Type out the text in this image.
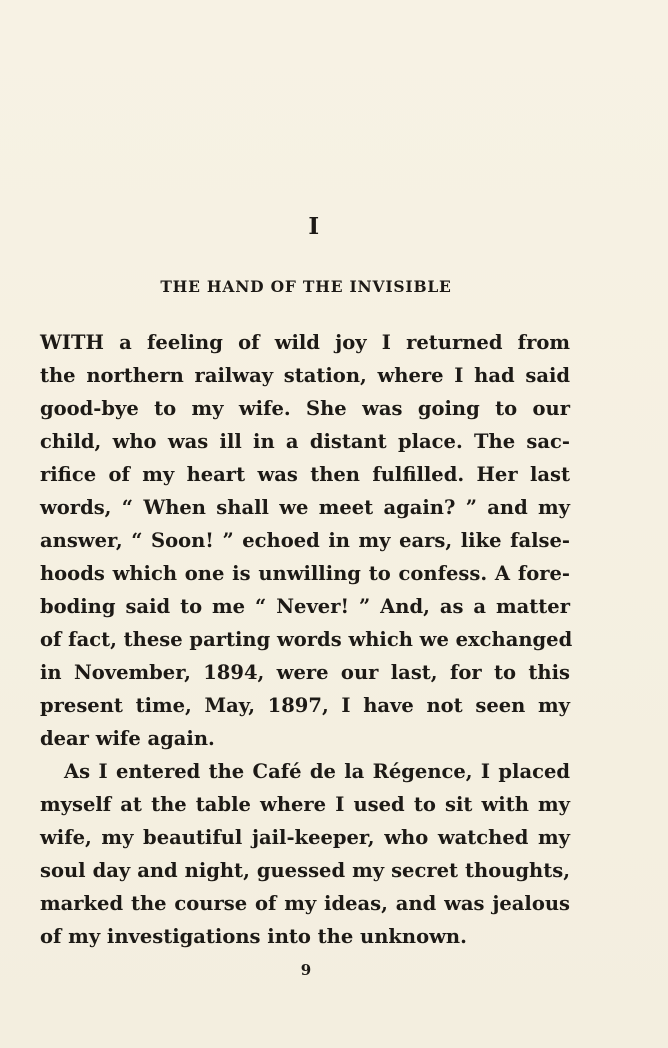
I
THE HAND OF THE INVISIBLE
WITH a feeling of wild joy I returned from
the northern railway station, where I had said
good-bye to my wife. She was going to our
child, who was ill in a distant place. The sac-
rifice of my heart was then fulfilled. Her last
words, “ When shall we meet again? ” and my
answer, “ Soon! ” echoed in my ears, like false-
hoods which one is unwilling to confess. A fore-
boding said to me “ Never! ” And, as a matter
of fact, these parting words which we exchanged
in November, 1894, were our last, for to this
present time, May, 1897, I have not seen my
dear wife again.
As I entered the Café de la Régence, I placed
myself at the table where I used to sit with my
wife, my beautiful jail-keeper, who watched my
soul day and night, guessed my secret thoughts,
marked the course of my ideas, and was jealous
of my investigations into the unknown.
9
